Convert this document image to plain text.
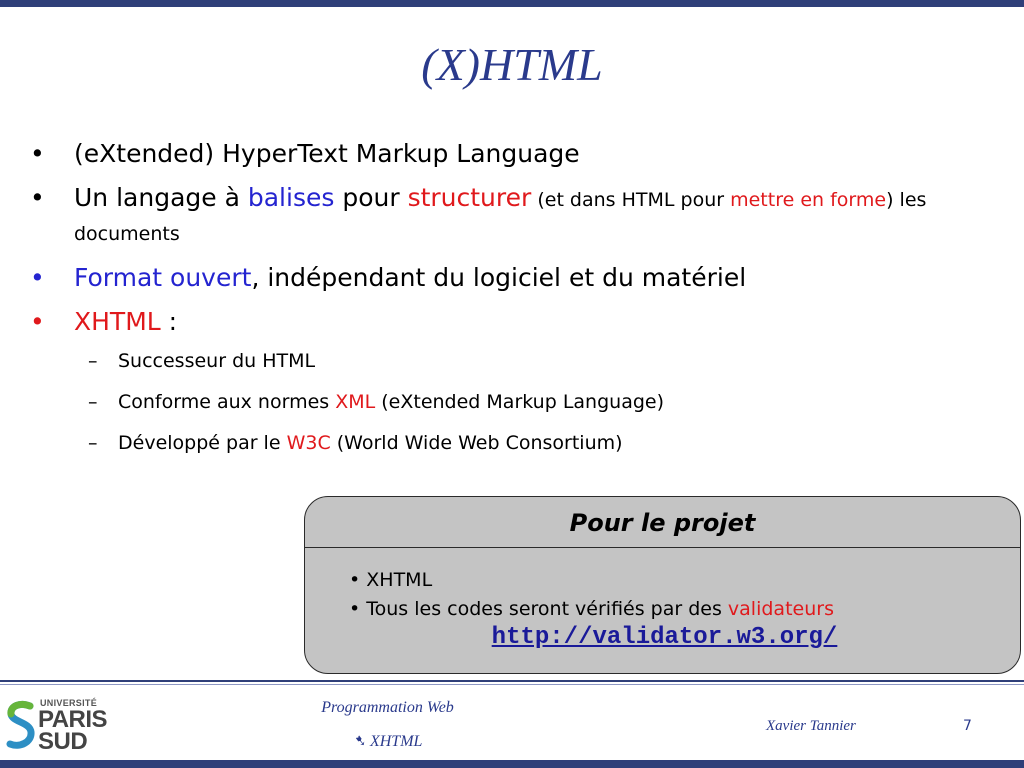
(X)HTML
• (eXtended) HyperText Markup Language
• Un langage à balises pour structurer (et dans HTML pour mettre en forme) les documents
• Format ouvert, indépendant du logiciel et du matériel
• XHTML :
– Successeur du HTML
– Conforme aux normes XML (eXtended Markup Language)
– Développé par le W3C (World Wide Web Consortium)
Pour le projet
• XHTML
• Tous les codes seront vérifiés par des validateurs
http://validator.w3.org/
UNIVERSITÉ
PARIS
SUD
Programmation Web
➷ XHTML
Xavier Tannier	7
